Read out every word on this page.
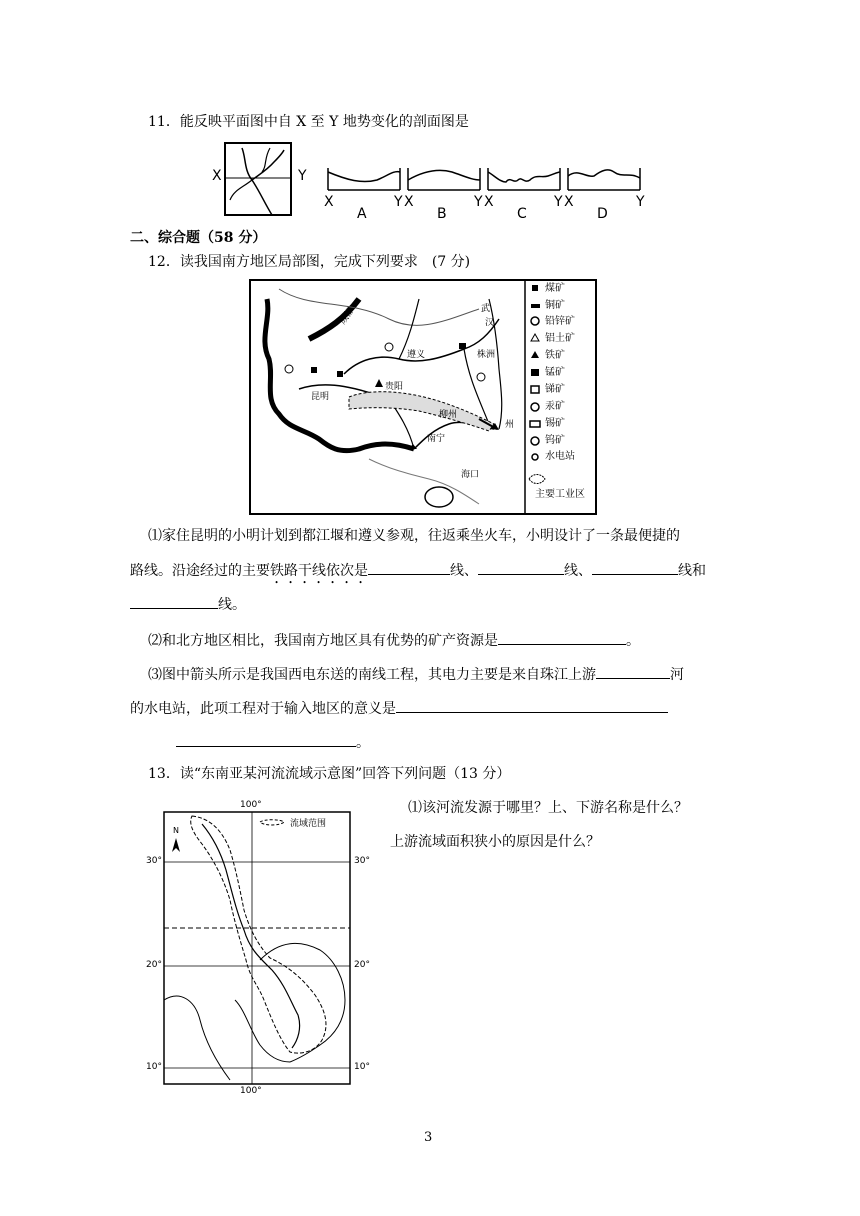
11．能反映平面图中自 X 至 Y 地势变化的剖面图是
X	Y
X	Y X	Y X	Y X	Y
A	B	C	D
二、综合题（58 分）
12．读我国南方地区局部图，完成下列要求　(7 分)
成都	武
汉
遵义	株洲
贵阳
昆明
柳州
州
南宁
海口
煤矿
铜矿
铅锌矿
铝土矿
铁矿
锰矿
锑矿
汞矿
锡矿
钨矿
水电站
主要工业区
⑴家住昆明的小明计划到都江堰和遵义参观，往返乘坐火车，小明设计了一条最便捷的
路线。沿途经过的主要铁路干线依次是	线、	线、	线和
线。
⑵和北方地区相比，我国南方地区具有优势的矿产资源是	。
⑶图中箭头所示是我国西电东送的南线工程，其电力主要是来自珠江上游	河
的水电站，此项工程对于输入地区的意义是
。
13．读“东南亚某河流流域示意图”回答下列问题（13 分）
100°
100°
30°	30°
20°	20°
10°	10°
N
流域范围
⑴该河流发源于哪里？上、下游名称是什么？
上游流域面积狭小的原因是什么？
3
